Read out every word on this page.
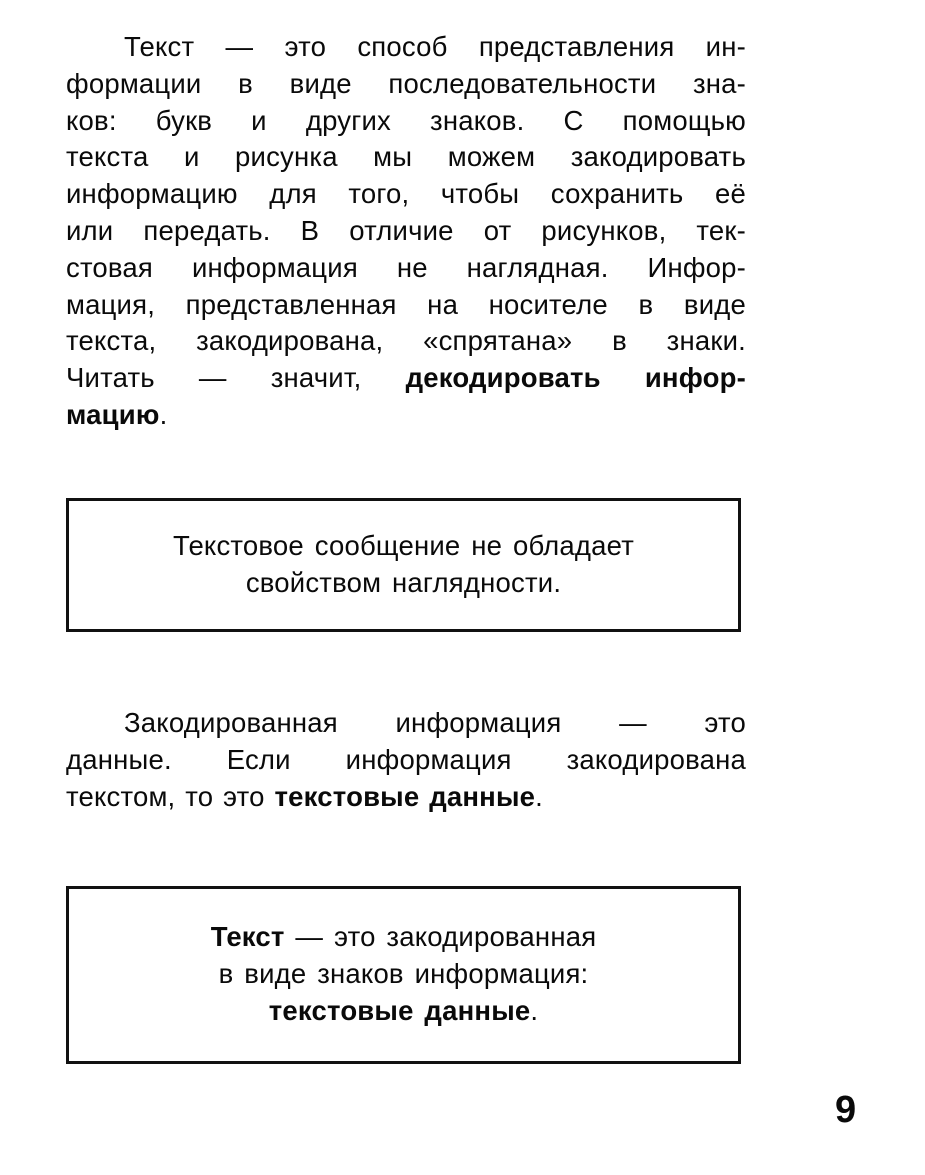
Текст — это способ представления ин-
формации в виде последовательности зна-
ков: букв и других знаков. С помощью
текста и рисунка мы можем закодировать
информацию для того, чтобы сохранить её
или передать. В отличие от рисунков, тек-
стовая информация не наглядная. Инфор-
мация, представленная на носителе в виде
текста, закодирована, «спрятана» в знаки.
Читать — значит, декодировать инфор-
мацию.
Текстовое сообщение не обладает
свойством наглядности.
Закодированная информация — это
данные. Если информация закодирована
текстом, то это текстовые данные.
Текст — это закодированная
в виде знаков информация:
текстовые данные.
9
